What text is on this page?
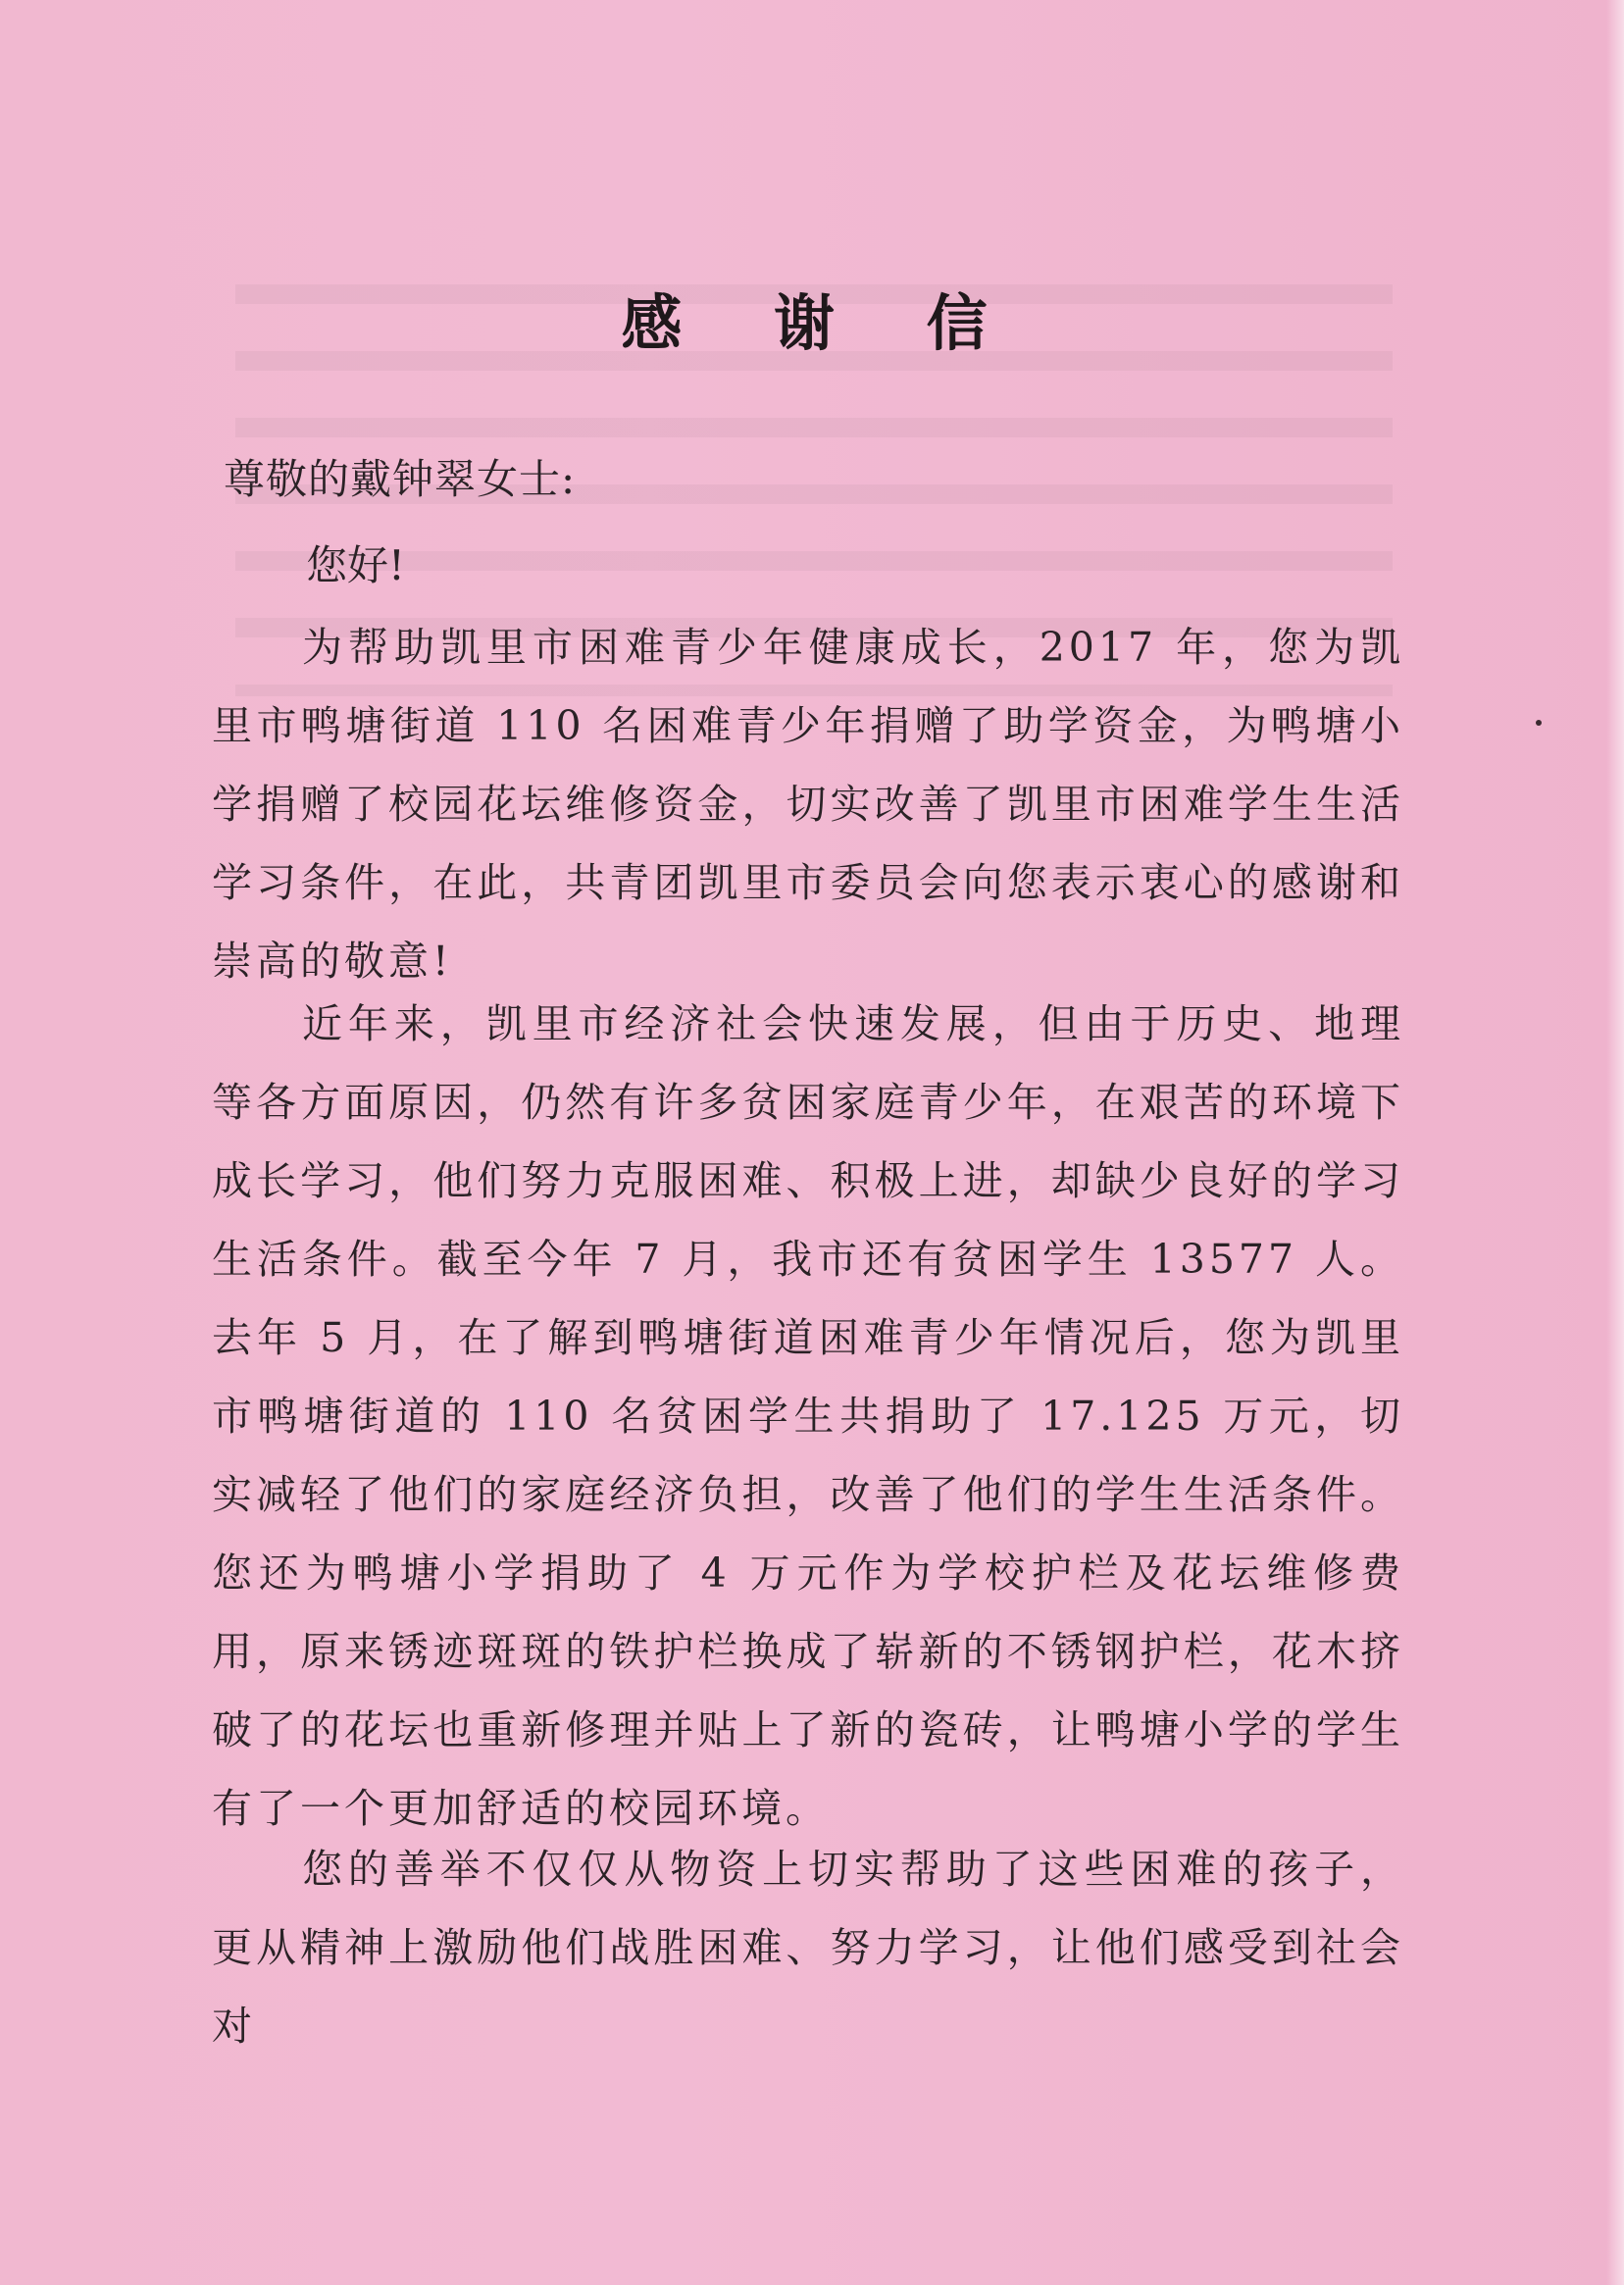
感 谢 信
尊敬的戴钟翠女士:
您好!

为帮助凯里市困难青少年健康成长，2017 年，您为凯里市鸭塘街道 110 名困难青少年捐赠了助学资金，为鸭塘小学捐赠了校园花坛维修资金，切实改善了凯里市困难学生生活学习条件，在此，共青团凯里市委员会向您表示衷心的感谢和崇高的敬意!

近年来，凯里市经济社会快速发展，但由于历史、地理等各方面原因，仍然有许多贫困家庭青少年，在艰苦的环境下成长学习，他们努力克服困难、积极上进，却缺少良好的学习生活条件。截至今年 7 月，我市还有贫困学生 13577 人。去年 5 月，在了解到鸭塘街道困难青少年情况后，您为凯里市鸭塘街道的 110 名贫困学生共捐助了 17.125 万元，切实减轻了他们的家庭经济负担，改善了他们的学生生活条件。您还为鸭塘小学捐助了 4 万元作为学校护栏及花坛维修费用，原来锈迹斑斑的铁护栏换成了崭新的不锈钢护栏，花木挤破了的花坛也重新修理并贴上了新的瓷砖，让鸭塘小学的学生有了一个更加舒适的校园环境。

您的善举不仅仅从物资上切实帮助了这些困难的孩子，更从精神上激励他们战胜困难、努力学习，让他们感受到社会对
